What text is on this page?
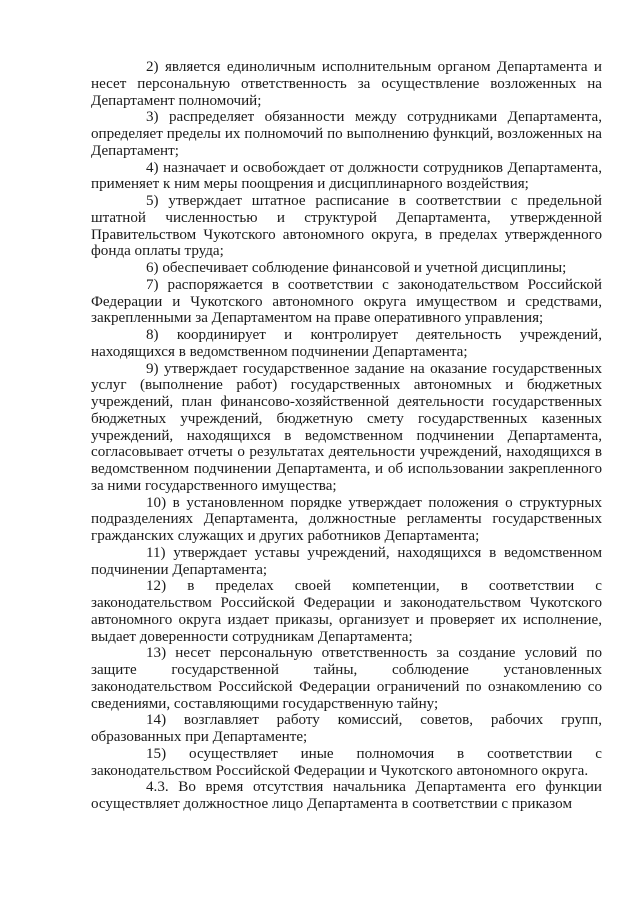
2) является единоличным исполнительным органом Департамента и несет персональную ответственность за осуществление возложенных на Департамент полномочий;

3) распределяет обязанности между сотрудниками Департамента, определяет пределы их полномочий по выполнению функций, возложенных на Департамент;

4) назначает и освобождает от должности сотрудников Департамента, применяет к ним меры поощрения и дисциплинарного воздействия;

5) утверждает штатное расписание в соответствии с предельной штатной численностью и структурой Департамента, утвержденной Правительством Чукотского автономного округа, в пределах утвержденного фонда оплаты труда;

6) обеспечивает соблюдение финансовой и учетной дисциплины;

7) распоряжается в соответствии с законодательством Российской Федерации и Чукотского автономного округа имуществом и средствами, закрепленными за Департаментом на праве оперативного управления;

8) координирует и контролирует деятельность учреждений, находящихся в ведомственном подчинении Департамента;

9) утверждает государственное задание на оказание государственных услуг (выполнение работ) государственных автономных и бюджетных учреждений, план финансово-хозяйственной деятельности государственных бюджетных учреждений, бюджетную смету государственных казенных учреждений, находящихся в ведомственном подчинении Департамента, согласовывает отчеты о результатах деятельности учреждений, находящихся в ведомственном подчинении Департамента, и об использовании закрепленного за ними государственного имущества;

10) в установленном порядке утверждает положения о структурных подразделениях Департамента, должностные регламенты государственных гражданских служащих и других работников Департамента;

11) утверждает уставы учреждений, находящихся в ведомственном подчинении Департамента;

12) в пределах своей компетенции, в соответствии с законодательством Российской Федерации и законодательством Чукотского автономного округа издает приказы, организует и проверяет их исполнение, выдает доверенности сотрудникам Департамента;

13) несет персональную ответственность за создание условий по защите государственной тайны, соблюдение установленных законодательством Российской Федерации ограничений по ознакомлению со сведениями, составляющими государственную тайну;

14) возглавляет работу комиссий, советов, рабочих групп, образованных при Департаменте;

15) осуществляет иные полномочия в соответствии с законодательством Российской Федерации и Чукотского автономного округа.

4.3. Во время отсутствия начальника Департамента его функции осуществляет должностное лицо Департамента в соответствии с приказом
